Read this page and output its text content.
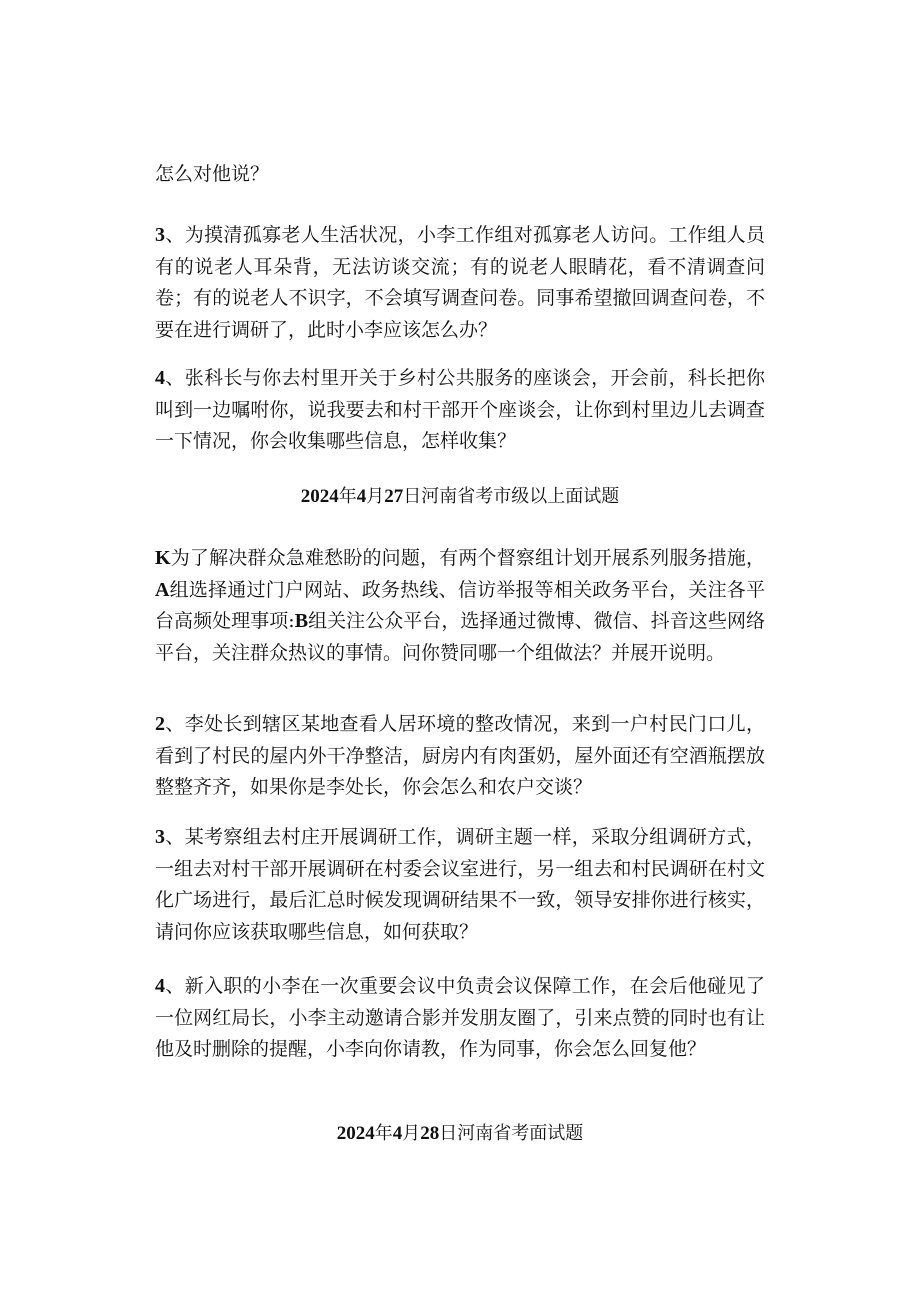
怎么对他说？

3、为摸清孤寡老人生活状况，小李工作组对孤寡老人访问。工作组人员有的说老人耳朵背，无法访谈交流；有的说老人眼睛花，看不清调查问卷；有的说老人不识字，不会填写调查问卷。同事希望撤回调查问卷，不要在进行调研了，此时小李应该怎么办？

4、张科长与你去村里开关于乡村公共服务的座谈会，开会前，科长把你叫到一边嘱咐你，说我要去和村干部开个座谈会，让你到村里边儿去调查一下情况，你会收集哪些信息，怎样收集？

2024年4月27日河南省考市级以上面试题

K为了解决群众急难愁盼的问题，有两个督察组计划开展系列服务措施，A组选择通过门户网站、政务热线、信访举报等相关政务平台，关注各平台高频处理事项:B组关注公众平台，选择通过微博、微信、抖音这些网络平台，关注群众热议的事情。问你赞同哪一个组做法？并展开说明。

2、李处长到辖区某地查看人居环境的整改情况，来到一户村民门口儿，看到了村民的屋内外干净整洁，厨房内有肉蛋奶，屋外面还有空酒瓶摆放整整齐齐，如果你是李处长，你会怎么和农户交谈？

3、某考察组去村庄开展调研工作，调研主题一样，采取分组调研方式，一组去对村干部开展调研在村委会议室进行，另一组去和村民调研在村文化广场进行，最后汇总时候发现调研结果不一致，领导安排你进行核实，请问你应该获取哪些信息，如何获取？

4、新入职的小李在一次重要会议中负责会议保障工作，在会后他碰见了一位网红局长，小李主动邀请合影并发朋友圈了，引来点赞的同时也有让他及时删除的提醒，小李向你请教，作为同事，你会怎么回复他？

2024年4月28日河南省考面试题
